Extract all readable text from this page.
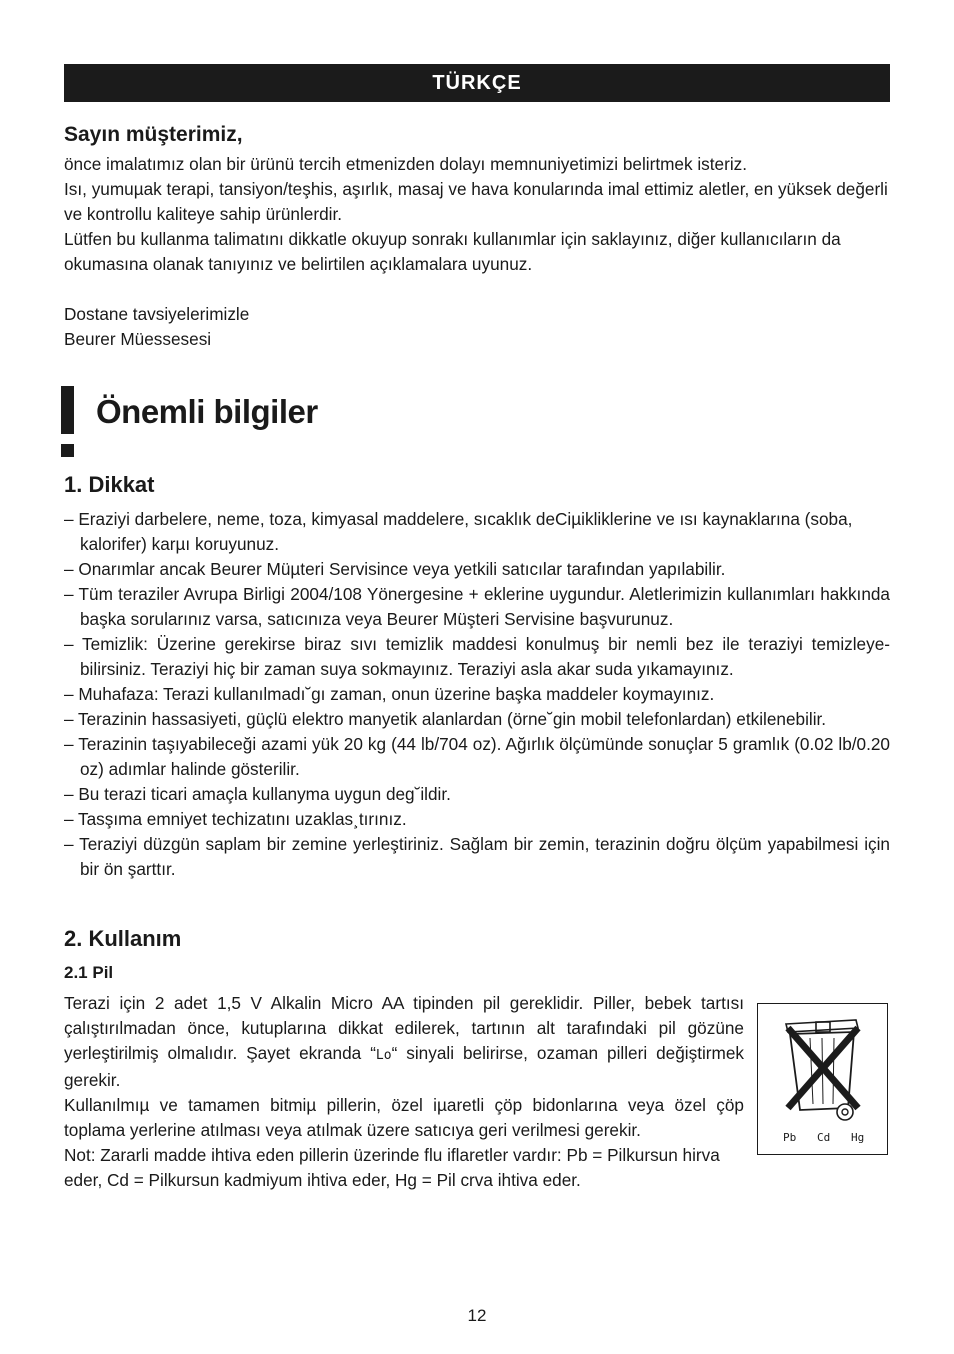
TÜRKÇE
Sayın müşterimiz,

önce imalatımız olan bir ürünü tercih etmenizden dolayı memnuniyetimizi belirtmek isteriz.

Isı, yumuµak terapi, tansiyon/teşhis, aşırlık, masaj ve hava konularında imal ettimiz aletler, en yüksek değerli ve kontrollu kaliteye sahip ürünlerdir.

Lütfen bu kullanma talimatını dikkatle okuyup sonrakı kullanımlar için saklayınız, diğer kullanıcıların da okumasına olanak tanıyınız ve belirtilen açıklamalara uyunuz.

Dostane tavsiyelerimizle

Beurer Müessesesi

Önemli bilgiler
1. Dikkat
– Eraziyi darbelere, neme, toza, kimyasal maddelere, sıcaklık deCiµikliklerine ve ısı kaynaklarına (soba, kalorifer) karµı koruyunuz.
– Onarımlar ancak Beurer Müµteri Servisince veya yetkili satıcılar tarafından yapılabilir.
– Tüm teraziler Avrupa Birligi 2004/108 Yönergesine + eklerine uygundur. Aletlerimizin kullanımları hakkında başka sorularınız varsa, satıcınıza veya Beurer Müşteri Servisine başvurunuz.
– Temizlik: Üzerine gerekirse biraz sıvı temizlik maddesi konulmuş bir nemli bez ile teraziyi temizleye-bilirsiniz. Teraziyi hiç bir zaman suya sokmayınız. Teraziyi asla akar suda yıkamayınız.
– Muhafaza: Terazi kullanılmadı˘gı zaman, onun üzerine başka maddeler koymayınız.
– Terazinin hassasiyeti, güçlü elektro manyetik alanlardan (örne˘gin mobil telefonlardan) etkilenebilir.
– Terazinin taşıyabileceği azami yük 20 kg (44 lb/704 oz). Ağırlık ölçümünde sonuçlar 5 gramlık (0.02 lb/0.20 oz) adımlar halinde gösterilir.
– Bu terazi ticari amaçla kullanyma uygun deg˘ildir.
– Tasşıma emniyet techizatını uzaklas¸tırınız.
– Teraziyi düzgün saplam bir zemine yerleştiriniz. Sağlam bir zemin, terazinin doğru ölçüm yapabilmesi için bir ön şarttır.
2. Kullanım
2.1 Pil

Terazi için 2 adet 1,5 V Alkalin Micro AA tipinden pil gereklidir. Piller, bebek tartısı çalıştırılmadan önce, kutuplarına dikkat edilerek, tartının alt tarafındaki pil gözüne yerleştirilmiş olmalıdır. Şayet ekranda “Lo“ sinyali belirirse, ozaman pilleri değiştirmek gerekir.

Kullanılmıµ ve tamamen bitmiµ pillerin, özel iµaretli çöp bidonlarına veya özel çöp toplama yerlerine atılması veya atılmak üzere satıcıya geri verilmesi gerekir.

Not: Zararli madde ihtiva eden pillerin üzerinde flu iflaretler vardır: Pb = Pilkursun hirva eder, Cd = Pilkursun kadmiyum ihtiva eder, Hg = Pil crva ihtiva eder.

Pb Cd Hg
12
